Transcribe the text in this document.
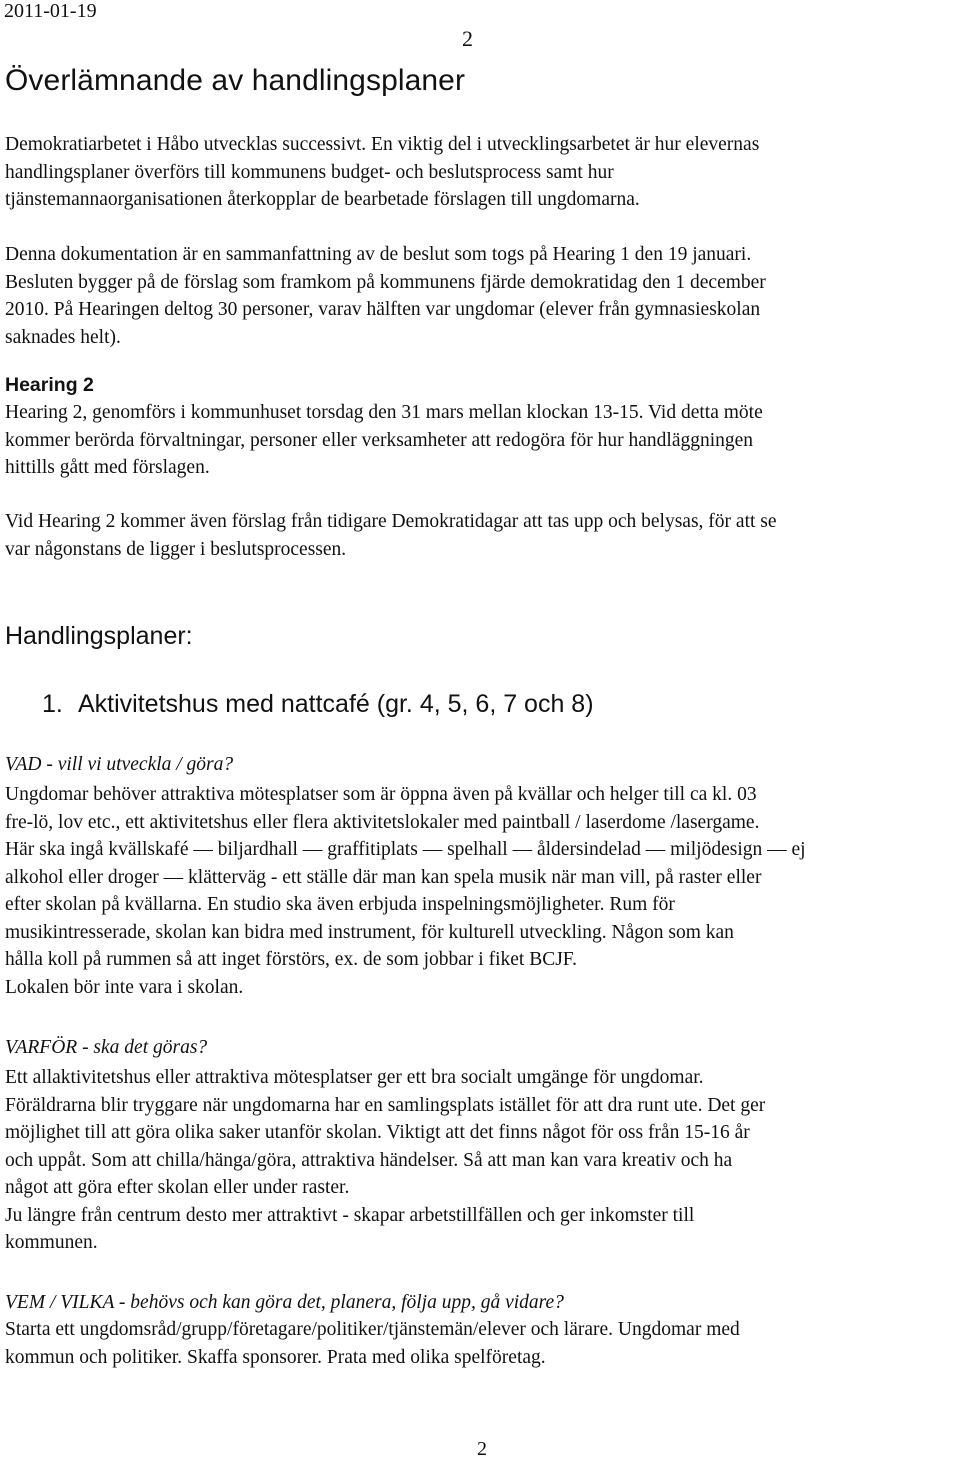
2011-01-19
2
Överlämnande av handlingsplaner
Demokratiarbetet i Håbo utvecklas successivt. En viktig del i utvecklingsarbetet är hur elevernas
handlingsplaner överförs till kommunens budget- och beslutsprocess samt hur
tjänstemannaorganisationen återkopplar de bearbetade förslagen till ungdomarna.
Denna dokumentation är en sammanfattning av de beslut som togs på Hearing 1 den 19 januari.
Besluten bygger på de förslag som framkom på kommunens fjärde demokratidag den 1 december
2010. På Hearingen deltog 30 personer, varav hälften var ungdomar (elever från gymnasieskolan
saknades helt).
Hearing 2
Hearing 2, genomförs i kommunhuset torsdag den 31 mars mellan klockan 13-15. Vid detta möte
kommer berörda förvaltningar, personer eller verksamheter att redogöra för hur handläggningen
hittills gått med förslagen.
Vid Hearing 2 kommer även förslag från tidigare Demokratidagar att tas upp och belysas, för att se
var någonstans de ligger i beslutsprocessen.
Handlingsplaner:
1. Aktivitetshus med nattcafé (gr. 4, 5, 6, 7 och 8)

VAD - vill vi utveckla / göra?

Ungdomar behöver attraktiva mötesplatser som är öppna även på kvällar och helger till ca kl. 03
fre-lö, lov etc., ett aktivitetshus eller flera aktivitetslokaler med paintball / laserdome /lasergame.
Här ska ingå kvällskafé — biljardhall — graffitiplats — spelhall — åldersindelad — miljödesign — ej
alkohol eller droger — klätterväg - ett ställe där man kan spela musik när man vill, på raster eller
efter skolan på kvällarna. En studio ska även erbjuda inspelningsmöjligheter. Rum för
musikintresserade, skolan kan bidra med instrument, för kulturell utveckling. Någon som kan
hålla koll på rummen så att inget förstörs, ex. de som jobbar i fiket BCJF.
Lokalen bör inte vara i skolan.

VARFÖR - ska det göras?

Ett allaktivitetshus eller attraktiva mötesplatser ger ett bra socialt umgänge för ungdomar.
Föräldrarna blir tryggare när ungdomarna har en samlingsplats istället för att dra runt ute. Det ger
möjlighet till att göra olika saker utanför skolan. Viktigt att det finns något för oss från 15-16 år
och uppåt. Som att chilla/hänga/göra, attraktiva händelser. Så att man kan vara kreativ och ha
något att göra efter skolan eller under raster.
Ju längre från centrum desto mer attraktivt - skapar arbetstillfällen och ger inkomster till
kommunen.

VEM / VILKA - behövs och kan göra det, planera, följa upp, gå vidare?

Starta ett ungdomsråd/grupp/företagare/politiker/tjänstemän/elever och lärare. Ungdomar med
kommun och politiker. Skaffa sponsorer. Prata med olika spelföretag.
2
